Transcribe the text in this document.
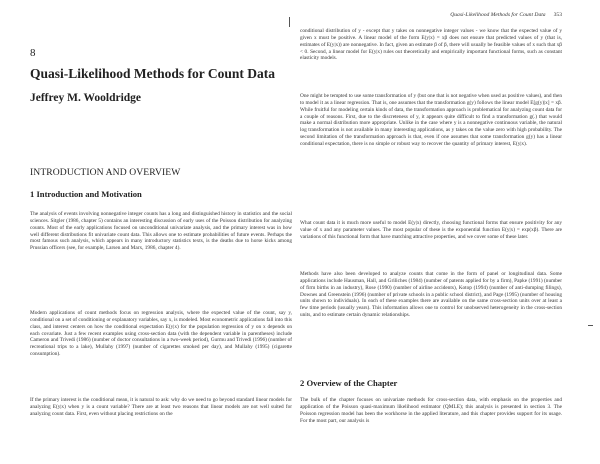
8
Quasi-Likelihood Methods for Count Data
Jeffrey M. Wooldridge
INTRODUCTION AND OVERVIEW
1 Introduction and Motivation

The analysis of events involving nonnegative integer counts has a long and distinguished history in statistics and the social sciences. Sitgler (1986, chapter 5) contains an interesting discussion of early uses of the Poisson distribution for analyzing counts. Most of the early applications focused on unconditional univariate analysis, and the primary interest was in how well different distributions fit univariate count data. This allows one to estimate probabilities of future events. Perhaps the most famous such analysis, which appears in many introductory statistics texts, is the deaths due to horse kicks among Prussian officers (see, for example, Larsen and Marx, 1986, chapter 4).

Modern applications of count methods focus on regression analysis, where the expected value of the count, say y, conditional on a set of conditioning or explanatory variables, say x, is modeled. Most econometric applications fall into this class, and interest centers on how the conditional expectation E(y|x) for the population regression of y on x depends on each covariate. Just a few recent examples using cross-section data (with the dependent variable in parentheses) include Cameron and Trivedi (1986) (number of doctor consultations in a two-week period), Gurmu and Trivedi (1996) (number of recreational trips to a lake), Mullahy (1997) (number of cigarettes smoked per day), and Mullahy (1995) (cigarette consumption).

If the primary interest is the conditional mean, it is natural to ask: why do we need to go beyond standard linear models for analyzing E(y|x) when y is a count variable? There are at least two reasons that linear models are not well suited for analyzing count data. First, even without placing restrictions on the

Quasi-Likelihood Methods for Count Data 353

conditional distribution of y - except that y takes on nonnegative integer values - we know that the expected value of y given x must be positive. A linear model of the form E(y|x) = xβ does not ensure that predicted values of y (that is, estimates of E(y|x)) are nonnegative. In fact, given an estimate β of β, there will usually be feasible values of x such that xβ < 0. Second, a linear model for E(y|x) rules out theoretically and empirically important functional forms, such as constant elasticity models.

One might be tempted to use some transformation of y (but one that is not negative when used as positive values), and then to model it as a linear regression. That is, one assumes that the transformation g(y) follows the linear model E[g(y)|x] = xβ. While fruitful for modeling certain kinds of data, the transformation approach is problematical for analyzing count data for a couple of reasons. First, due to the discreteness of y, it appears quite difficult to find a transformation g(.) that would make a normal distribution more appropriate. Unlike in the case where y is a nonnegative continuous variable, the natural log transformation is not available in many interesting applications, as y takes on the value zero with high probability. The second limitation of the transformation approach is that, even if one assumes that some transformation g(y) has a linear conditional expectation, there is no simple or robust way to recover the quantity of primary interest, E(y|x).

What count data it is much more useful to model E(y|x) directly, choosing functional forms that ensure positivity for any value of x and any parameter values. The most popular of these is the exponential function E(y|x) = exp(xβ). There are variations of this functional form that have matching attractive properties, and we cover some of these later.

Methods have also been developed to analyze counts that come in the form of panel or longitudinal data. Some applications include Hausman, Hall, and Griliches (1984) (number of patents applied for by a firm), Papke (1991) (number of firm births in an industry), Rose (1990) (number of airline accidents), Kotop (1994) (number of anti-dumping filings), Downes and Greenstein (1996) (number of private schools in a public school district), and Page (1995) (number of housing units shown to individuals). In each of these examples there are available on the same cross-section units over at least a few time periods (usually years). This information allows one to control for unobserved heterogeneity in the cross-section units, and to estimate certain dynamic relationships.

2 Overview of the Chapter

The bulk of the chapter focuses on univariate methods for cross-section data, with emphasis on the properties and application of the Poisson quasi-maximum likelihood estimator (QMLE); this analysis is presented in section 3. The Poisson regression model has been the workhorse in the applied literature, and this chapter provides support for its usage. For the most part, our analysis is
